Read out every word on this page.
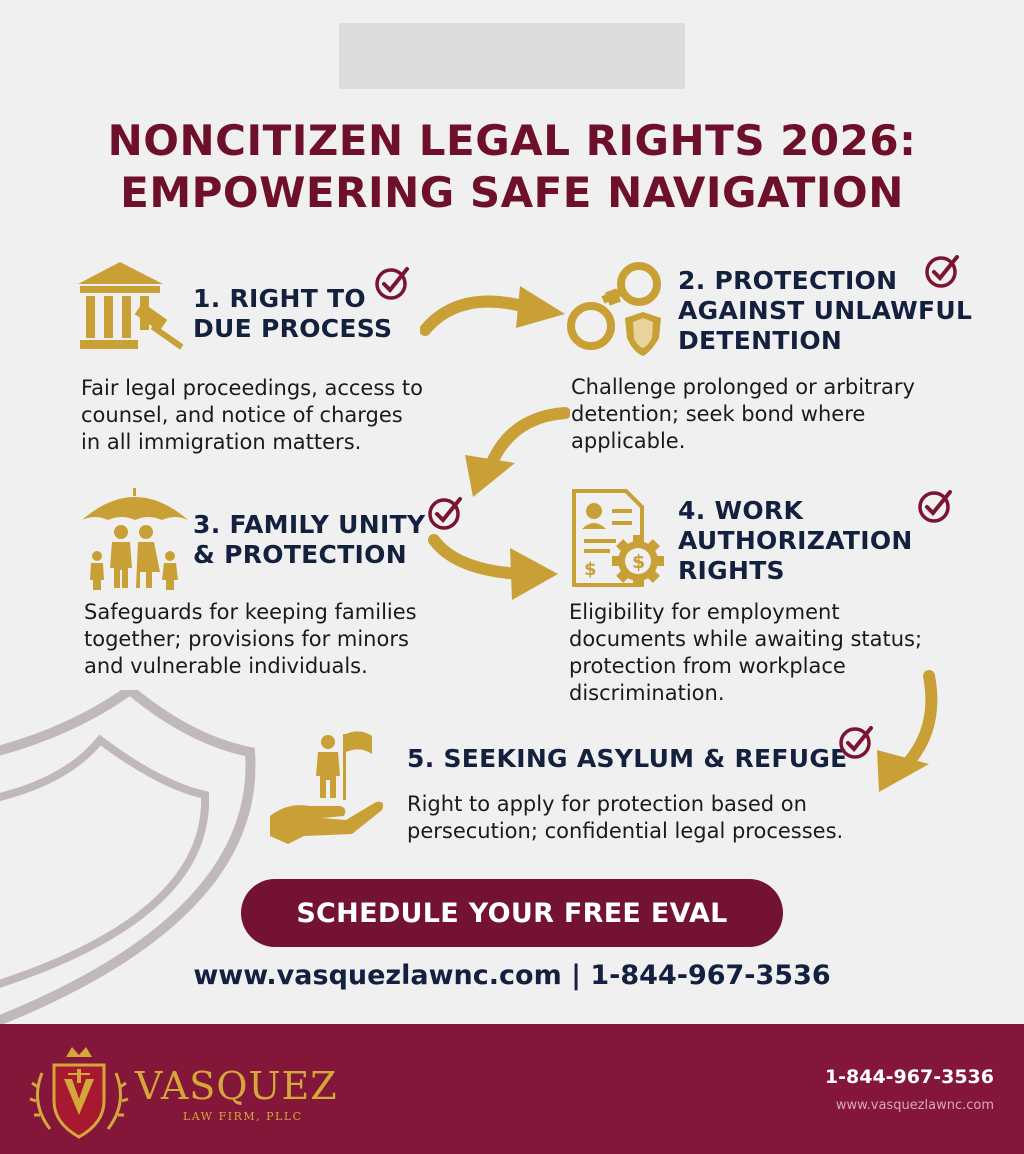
NONCITIZEN LEGAL RIGHTS 2026:
EMPOWERING SAFE NAVIGATION
1. RIGHT TO
DUE PROCESS
Fair legal proceedings, access to
counsel, and notice of charges
in all immigration matters.
2. PROTECTION
AGAINST UNLAWFUL
DETENTION
Challenge prolonged or arbitrary
detention; seek bond where
applicable.
3. FAMILY UNITY
& PROTECTION
Safeguards for keeping families
together; provisions for minors
and vulnerable individuals.
$ $
4. WORK
AUTHORIZATION
RIGHTS
Eligibility for employment
documents while awaiting status;
protection from workplace
discrimination.
5. SEEKING ASYLUM & REFUGE
Right to apply for protection based on
persecution; confidential legal processes.
SCHEDULE YOUR FREE EVAL
www.vasquezlawnc.com | 1-844-967-3536
VASQUEZ
LAW FIRM, PLLC
1-844-967-3536
www.vasquezlawnc.com
